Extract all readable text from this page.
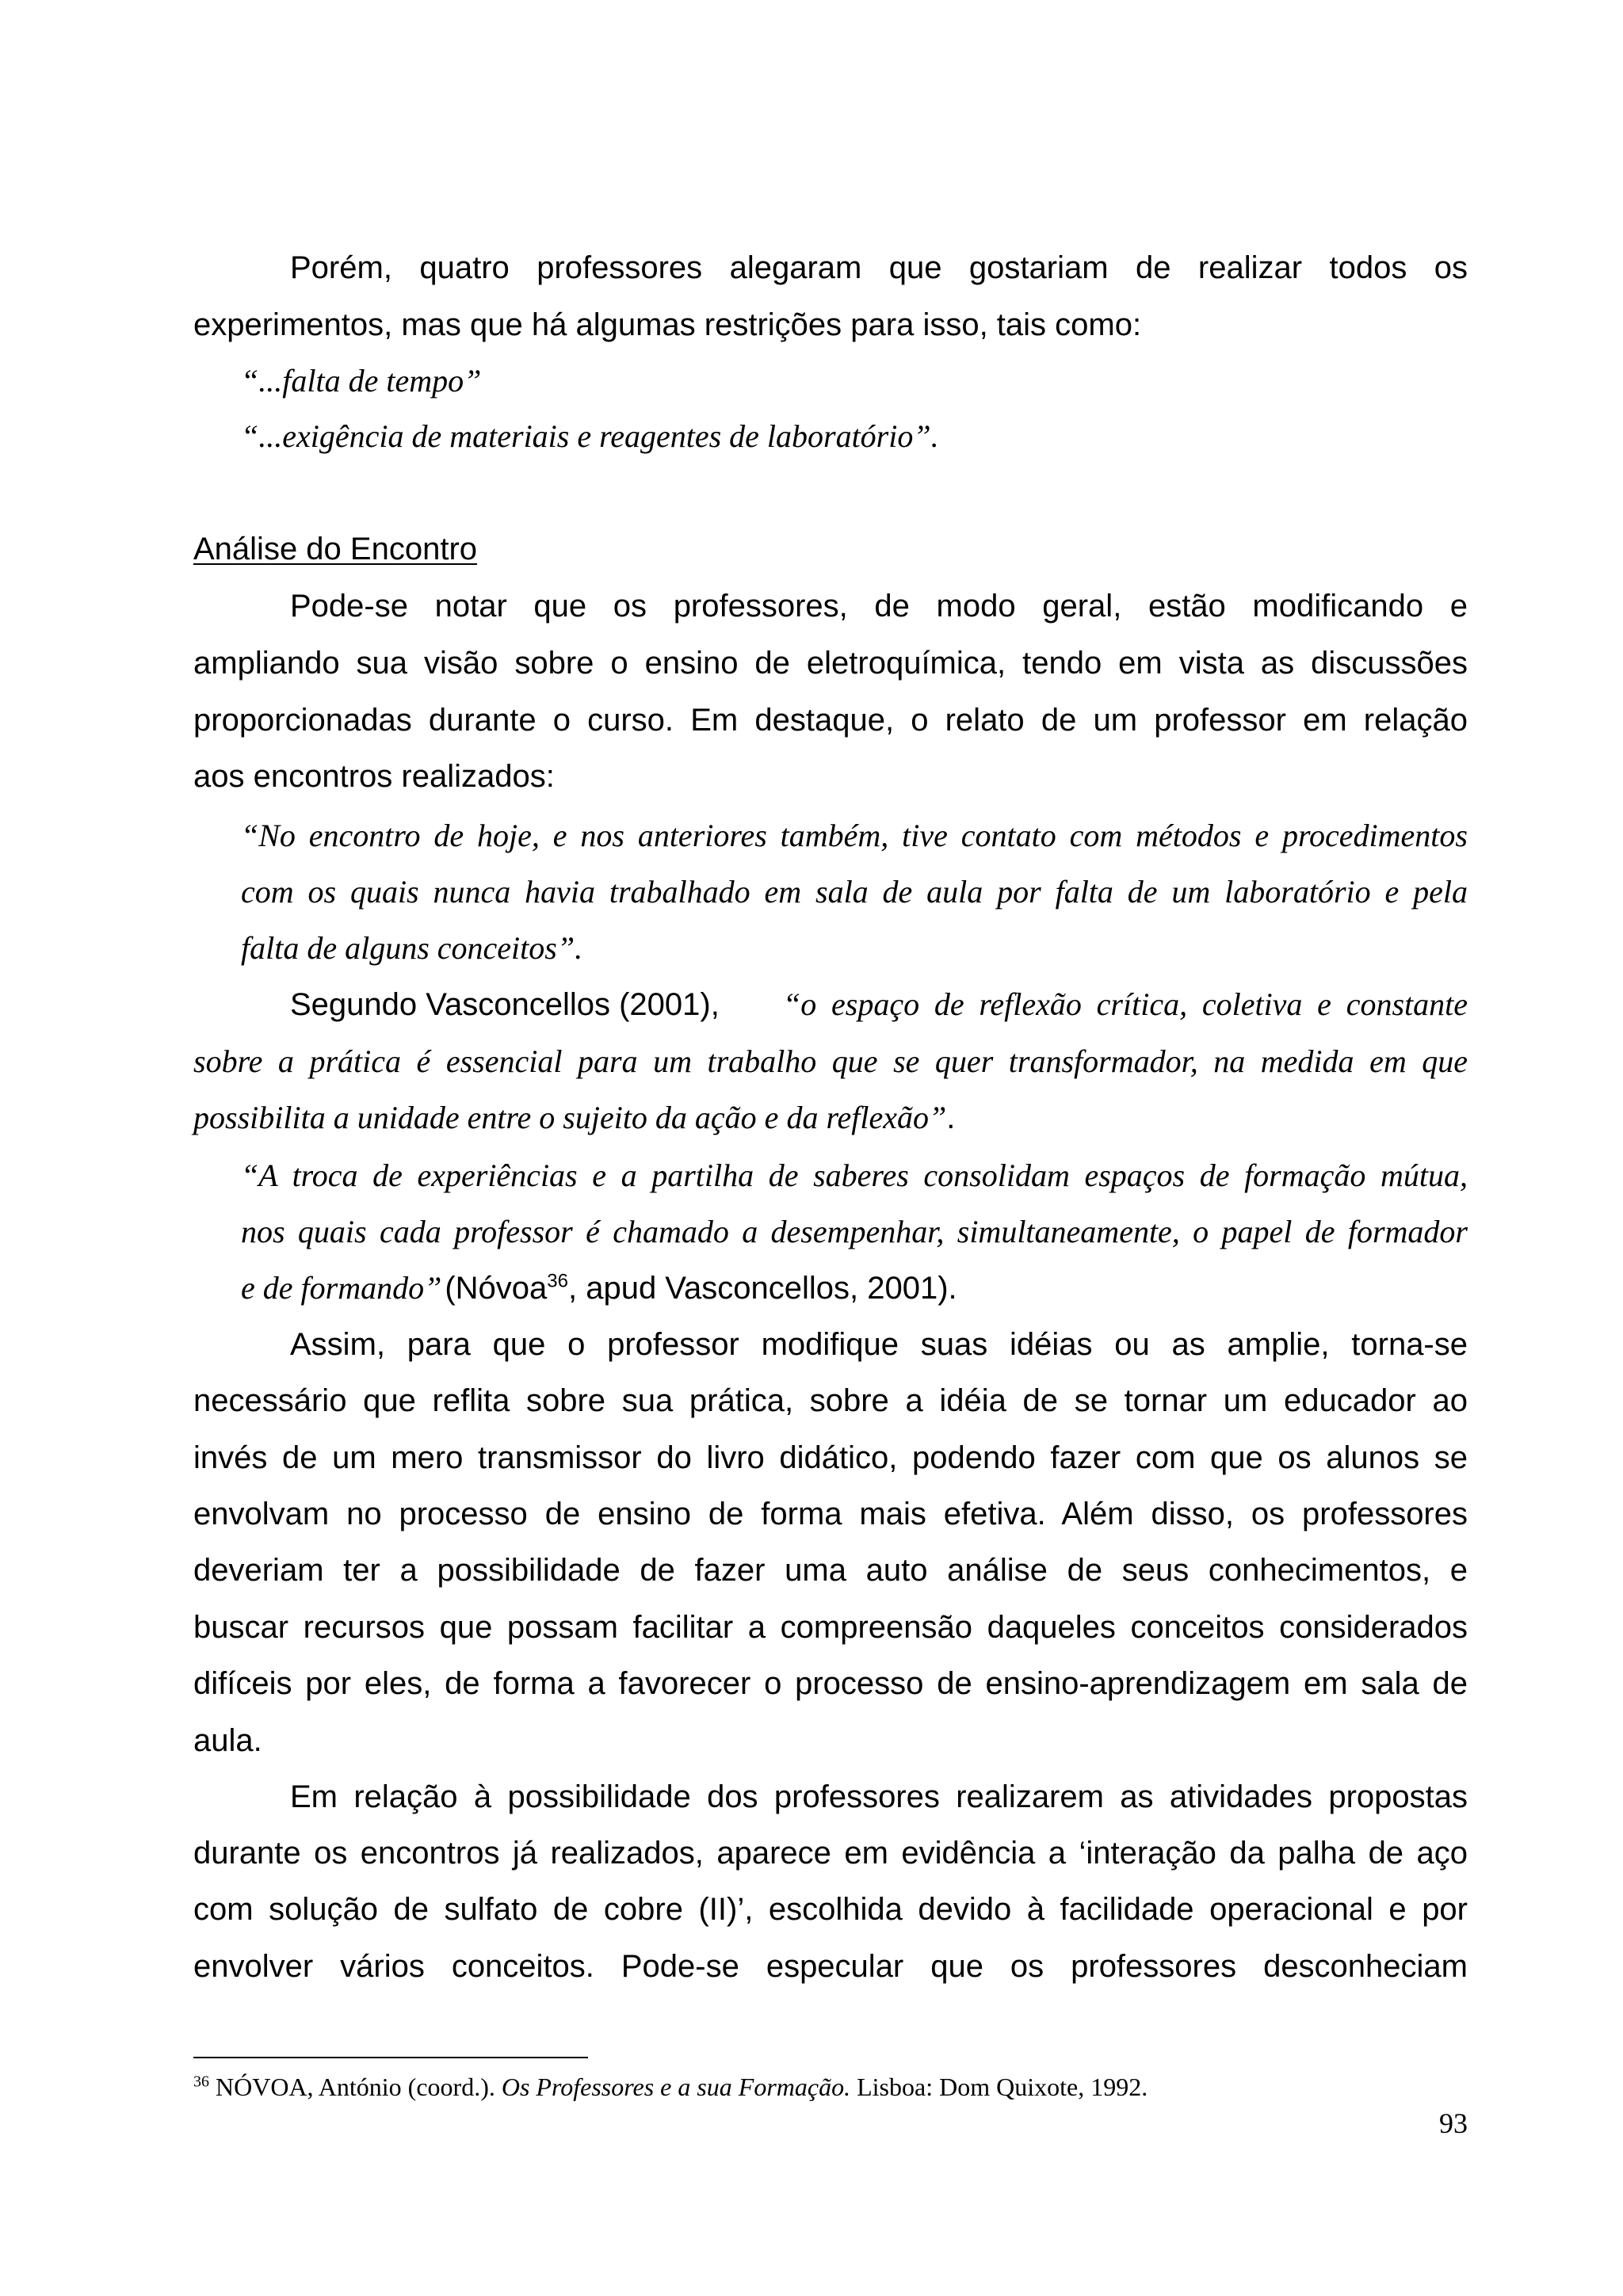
Porém, quatro professores alegaram que gostariam de realizar todos os
experimentos, mas que há algumas restrições para isso, tais como:
“...falta de tempo”
“...exigência de materiais e reagentes de laboratório”.
Análise do Encontro
Pode-se notar que os professores, de modo geral, estão modificando e
ampliando sua visão sobre o ensino de eletroquímica, tendo em vista as discussões
proporcionadas durante o curso. Em destaque, o relato de um professor em relação
aos encontros realizados:
“No encontro de hoje, e nos anteriores também, tive contato com métodos e procedimentos
com os quais nunca havia trabalhado em sala de aula por falta de um laboratório e pela
falta de alguns conceitos”.
Segundo Vasconcellos (2001), “o espaço de reflexão crítica, coletiva e constante
sobre a prática é essencial para um trabalho que se quer transformador, na medida em que
possibilita a unidade entre o sujeito da ação e da reflexão”.
“A troca de experiências e a partilha de saberes consolidam espaços de formação mútua,
nos quais cada professor é chamado a desempenhar, simultaneamente, o papel de formador
e de formando” (Nóvoa$^{36}$, apud Vasconcellos, 2001).
Assim, para que o professor modifique suas idéias ou as amplie, torna-se
necessário que reflita sobre sua prática, sobre a idéia de se tornar um educador ao
invés de um mero transmissor do livro didático, podendo fazer com que os alunos se
envolvam no processo de ensino de forma mais efetiva. Além disso, os professores
deveriam ter a possibilidade de fazer uma auto análise de seus conhecimentos, e
buscar recursos que possam facilitar a compreensão daqueles conceitos considerados
difíceis por eles, de forma a favorecer o processo de ensino-aprendizagem em sala de
aula.
Em relação à possibilidade dos professores realizarem as atividades propostas
durante os encontros já realizados, aparece em evidência a ‘interação da palha de aço
com solução de sulfato de cobre (II)’, escolhida devido à facilidade operacional e por
envolver vários conceitos. Pode-se especular que os professores desconheciam
$^{36}$ NÓVOA, António (coord.). Os Professores e a sua Formação. Lisboa: Dom Quixote, 1992.
93
